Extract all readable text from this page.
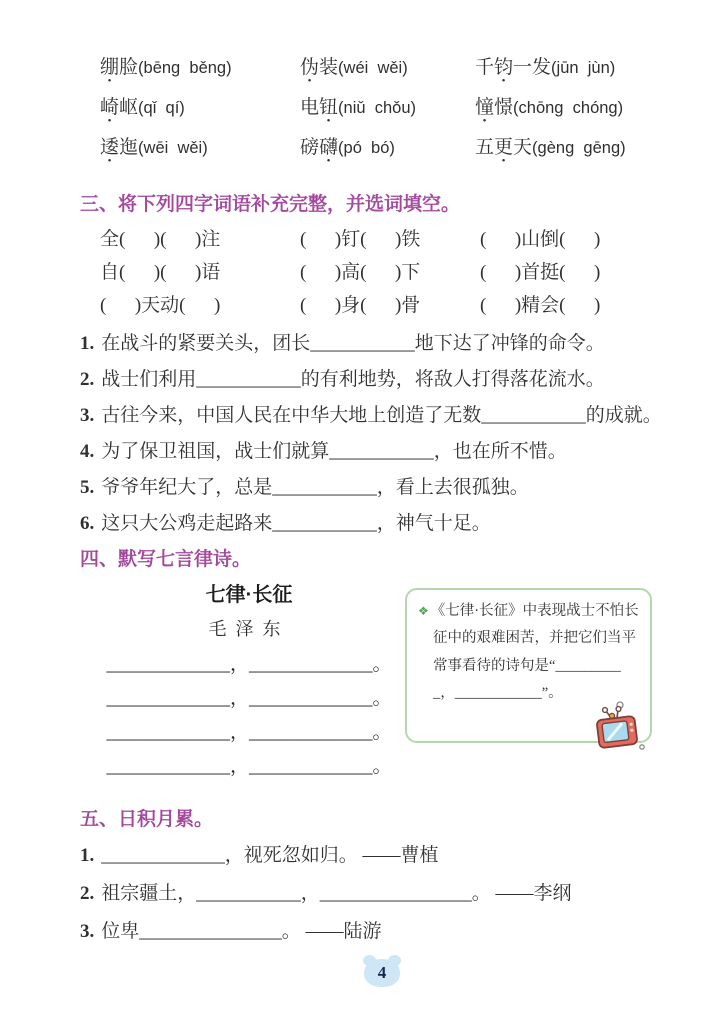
绷脸(bēng  běng)	伪装(wéi  wěi)	千钧一发(jūn  jùn)
崎岖(qǐ  qí)	电钮(niǔ  chǒu)	憧憬(chōng  chóng)
逶迤(wēi  wěi)	磅礴(pó  bó)	五更天(gèng  gēng)
三、将下列四字词语补充完整，并选词填空。
全(      )(      )注	(      )钉(      )铁	(      )山倒(      )
自(      )(      )语	(      )高(      )下	(      )首挺(      )
(      )天动(      )	(      )身(      )骨	(      )精会(      )
1. 在战斗的紧要关头，团长___________地下达了冲锋的命令。
2. 战士们利用___________的有利地势，将敌人打得落花流水。
3. 古往今来，中国人民在中华大地上创造了无数___________的成就。
4. 为了保卫祖国，战士们就算___________，也在所不惜。
5. 爷爷年纪大了，总是___________，看上去很孤独。
6. 这只大公鸡走起路来___________，神气十足。
四、默写七言律诗。
七律·长征
毛泽东
_____________，_____________。
_____________，_____________。
_____________，_____________。
_____________，_____________。

❖ 《七律·长征》中表现战士不怕长征中的艰难困苦，并把它们当平常事看待的诗句是“__________，____________”。

五、日积月累。
1. _____________，视死忽如归。 ——曹植
2. 祖宗疆土，___________，________________。 ——李纲
3. 位卑_______________。 ——陆游
4
